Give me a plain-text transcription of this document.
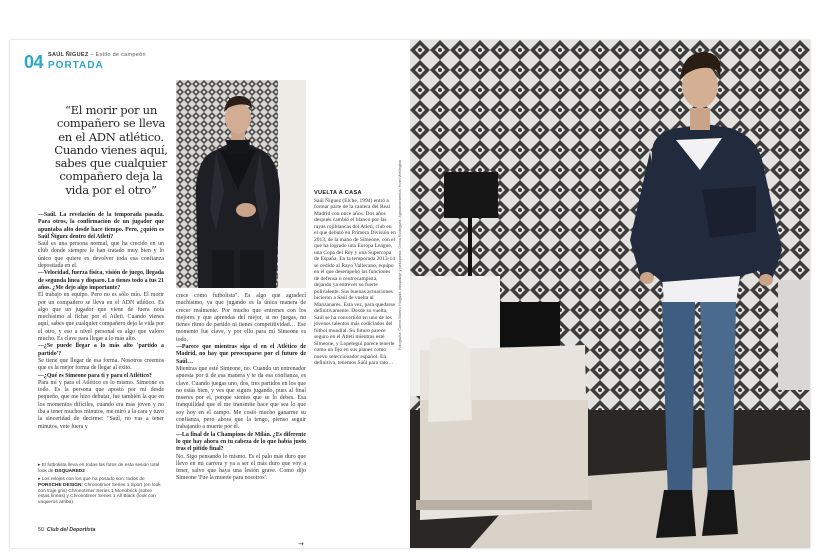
04 SAÚL ÑIGUEZ – Estilo de campeón
PORTADA
“El morir por un compañero se lleva en el ADN atlético. Cuando vienes aquí, sabes que cualquier compañero deja la vida por el otro”

—Saúl. La revelación de la temporada pasada. Para otros, la confirmación de un jugador que apuntaba alto desde hace tiempo. Pero, ¿quién es Saúl Ñíguez dentro del Atleti?

Saúl es una persona normal, que ha crecido en un club donde siempre le han tratado muy bien y lo único que quiere es devolver toda esa confianza depositada en el.

—Velocidad, fuerza física, visión de juego, llegada de segunda línea y disparo. Lo tienes todo a tus 21 años. ¿Me dejo algo importante?

El trabajo en equipo. Pero no es sólo mío. El morir por un compañero se lleva en el ADN atlético. Es algo que un jugador que viene de fuera nota muchísimo al fichar por el Atleti. Cuando vienes aquí, sabes que cualquier compañero deja la vida por el otro, y eso a nivel personal es algo que valoro mucho. Es clave para llegar a lo más alto.

—¿Se puede llegar a lo más alto 'partido a partido'?

Se tiene que llegar de esa forma. Nosotros creemos que es la mejor forma de llegar al éxito.

—¿Qué es Simeone para ti y para el Atlético?

Para mí y para el Atlético es lo mismo. Simeone es todo. Es la persona que apostó por mí desde pequeño, que me hizo debutar, fue también la que en los momentos difíciles, cuando era más joven y no iba a tener muchos minutos, me miró a la cara y tuvo la sinceridad de decirme: "Saúl, no vas a tener minutos, vete fuera y

crece como futbolista". Es algo que agradecí muchísimo, ya que jugando es la única manera de crecer realmente. Por mucho que entrenes con los mejores y que aprendas del mejor, si no juegas, no tienes ritmo de partido ni tienes competitividad… Ese momento fue clave, y por ello para mí Simeone es todo.

—Parece que mientras siga el en el Atlético de Madrid, no hay que preocuparse por el futuro de Saúl…

Mientras que esté Simeone, no. Cuando un entrenador apuesta por ti de esa manera y te da esa confianza, es clave. Cuando juegas uno, dos, tres partidos en los que no estás bien, y ves que sigues jugando, pues al final mueres por el, porque sientes que se lo debes. Esa tranquilidad que el me transmite hace que sea lo que soy hoy en el campo. Me costó mucho ganarme su confianza, pero ahora que la tengo, pienso seguir trabajando a muerte por él.

—La final de la Champions de Milán. ¿Es diferente lo que hay ahora en tu cabeza de lo que había justo tras el pitido final?

No. Sigo pensando lo mismo. Es el palo más duro que llevo en mi carrera y ya a ser el más duro que voy a tener, salvo que haya una lesión grave. Como dijo Simeone 'Fue la muerte para nosotros'.

→
VUELTA A CASA

Saúl Ñíguez (Elche, 1994) entró a formar parte de la cantera del Real Madrid con once años. Dos años después cambió el blanco por las rayas rojiblancas del Atleti, club en el que debutó en Primera División en 2013, de la mano de Simeone, con el que ha logrado una Europa League, una Copa del Rey y una Supercopa de España. En la temporada 2013-14 se cedido al Rayo Vallecano, equipo en el que desempeñó las funciones de defensa o centrocampista, dejando ya entrever su fuerte polivalente. Sus buenas actuaciones hicieron a Saúl de vuelta al Manzanares. Esta vez, para quedarse definitivamente. Desde su vuelta, Saúl se ha convertido en uno de los jóvenes talentos más codiciados del fútbol mundial. Su futuro parece seguro en el Atleti mientras esté Simeone, y Lopetegui parece tenerle como un fijo en sus planes como nuevo seleccionador español. En definitiva, tenemos Saúl para rato…

▸ El futbolista lleva en todas las fotos de esta sesión total look de DSQUARED2
▸ Los relojes con los que ha posado son: todos de PORSCHE DESIGN: Chronotimer Series 1 Sport (en look con traje gris) Chronotimer Series 1 Monobrick (sobre estas líneas) y Chronotimer Series 1 All Black (look con vaqueros arriba).
50 Club del Deportista
Fotografía: Carlos Blanco Holgado. Maquillaje y peluquería: Gema Rodríguez. Agradecimientos: Hotel Wellington
